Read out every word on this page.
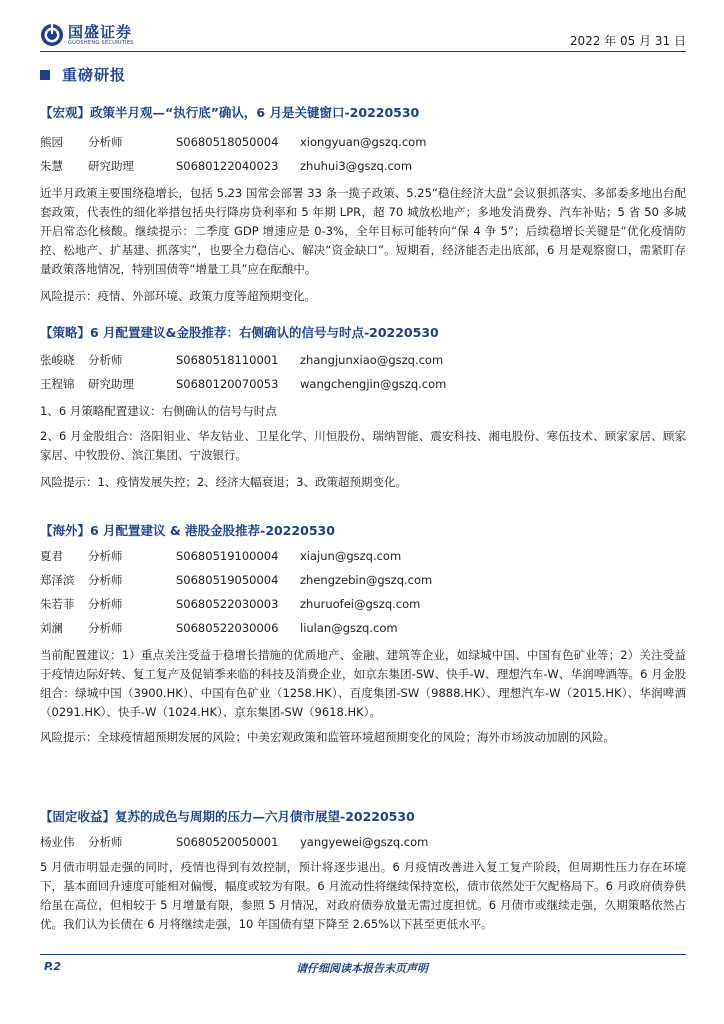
国盛证券
GUOSHENG SECURITIES	2022 年 05 月 31 日
重磅研报
【宏观】政策半月观—“执行底”确认，6 月是关键窗口-20220530
熊园 分析师	S0680518050004 xiongyuan@gszq.com
朱慧 研究助理	S0680122040023 zhuhui3@gszq.com

近半月政策主要围绕稳增长，包括 5.23 国常会部署 33 条一揽子政策、5.25“稳住经济大盘”会议狠抓落实、多部委多地出台配套政策，代表性的细化举措包括央行降房贷利率和 5 年期 LPR，超 70 城放松地产；多地发消费券、汽车补贴；5 省 50 多城开启常态化核酸。继续提示：二季度 GDP 增速应是 0-3%，全年目标可能转向“保 4 争 5”；后续稳增长关键是“优化疫情防控、松地产、扩基建、抓落实”，也要全力稳信心、解决“资金缺口”。短期看，经济能否走出底部，6 月是观察窗口，需紧盯存量政策落地情况，特别国债等“增量工具”应在酝酿中。

风险提示：疫情、外部环境、政策力度等超预期变化。

【策略】6 月配置建议&金股推荐：右侧确认的信号与时点-20220530
张峻晓 分析师	S0680518110001 zhangjunxiao@gszq.com
王程锦 研究助理	S0680120070053 wangchengjin@gszq.com

1、6 月策略配置建议：右侧确认的信号与时点

2、6 月金股组合：洛阳钼业、华友钴业、卫星化学、川恒股份、瑞纳智能、震安科技、湘电股份、寒伍技术、顾家家居、顾家家居、中牧股份、滨江集团、宁波银行。

风险提示：1、疫情发展失控；2、经济大幅衰退；3、政策超预期变化。

【海外】6 月配置建议 & 港股金股推荐-20220530
夏君 分析师	S0680519100004 xiajun@gszq.com
郑泽滨 分析师	S0680519050004 zhengzebin@gszq.com
朱若菲 分析师	S0680522030003 zhuruofei@gszq.com
刘澜 分析师	S0680522030006 liulan@gszq.com

当前配置建议：1）重点关注受益于稳增长措施的优质地产、金融、建筑等企业，如绿城中国、中国有色矿业等；2）关注受益于疫情边际好转、复工复产及促销季来临的科技及消费企业，如京东集团-SW、快手-W、理想汽车-W、华润啤酒等。6 月金股组合：绿城中国（3900.HK）、中国有色矿业（1258.HK）、百度集团-SW（9888.HK）、理想汽车-W（2015.HK）、华润啤酒（0291.HK）、快手-W（1024.HK）、京东集团-SW（9618.HK）。

风险提示：全球疫情超预期发展的风险；中美宏观政策和监管环境超预期变化的风险；海外市场波动加剧的风险。

【固定收益】复苏的成色与周期的压力—六月债市展望-20220530
杨业伟 分析师	S0680520050001 yangyewei@gszq.com

5 月债市明显走强的同时，疫情也得到有效控制，预计将逐步退出。6 月疫情改善进入复工复产阶段，但周期性压力存在环境下，基本面回升速度可能相对偏慢，幅度或较为有限。6 月流动性将继续保持宽松，债市依然处于欠配格局下。6 月政府债券供给虽在高位，但相较于 5 月增量有限，参照 5 月情况，对政府债券放量无需过度担忧。6 月债市或继续走强，久期策略依然占优。我们认为长债在 6 月将继续走强，10 年国债有望下降至 2.65%以下甚至更低水平。

请仔细阅读本报告末页声明
P.2
